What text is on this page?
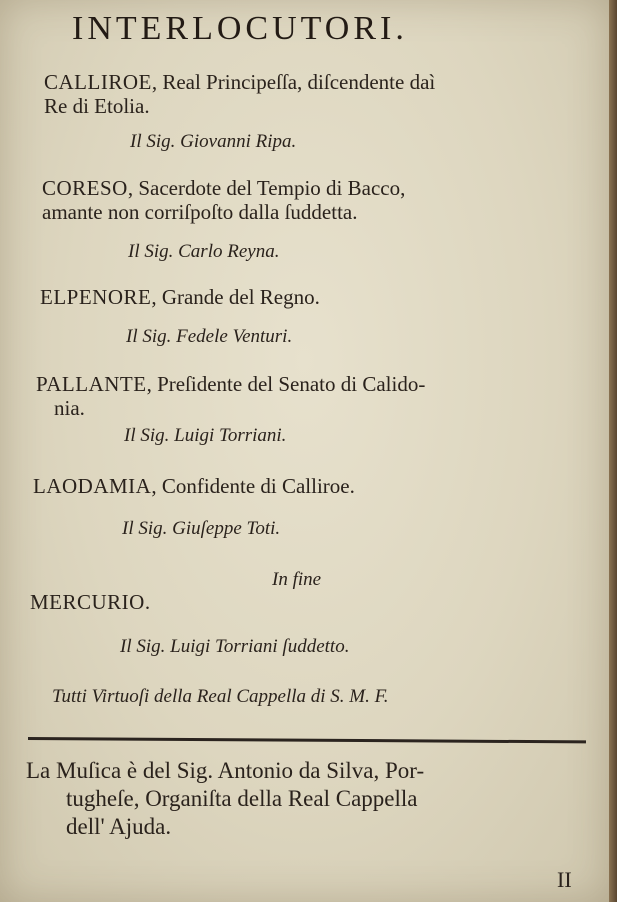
INTERLOCUTORI.
CALLIROE, Real Principeſſa, diſcendente daì
Re di Etolia.
Il Sig. Giovanni Ripa.
CORESO, Sacerdote del Tempio di Bacco,
amante non corriſpoſto dalla ſuddetta.
Il Sig. Carlo Reyna.
ELPENORE, Grande del Regno.
Il Sig. Fedele Venturi.
PALLANTE, Preſidente del Senato di Calido-
nia.
Il Sig. Luigi Torriani.
LAODAMIA, Confidente di Calliroe.
Il Sig. Giuſeppe Toti.
In fine
MERCURIO.
Il Sig. Luigi Torriani ſuddetto.
Tutti Virtuoſi della Real Cappella di S. M. F.
La Muſica è del Sig. Antonio da Silva, Por-
tugheſe, Organiſta della Real Cappella
dell' Ajuda.
II
